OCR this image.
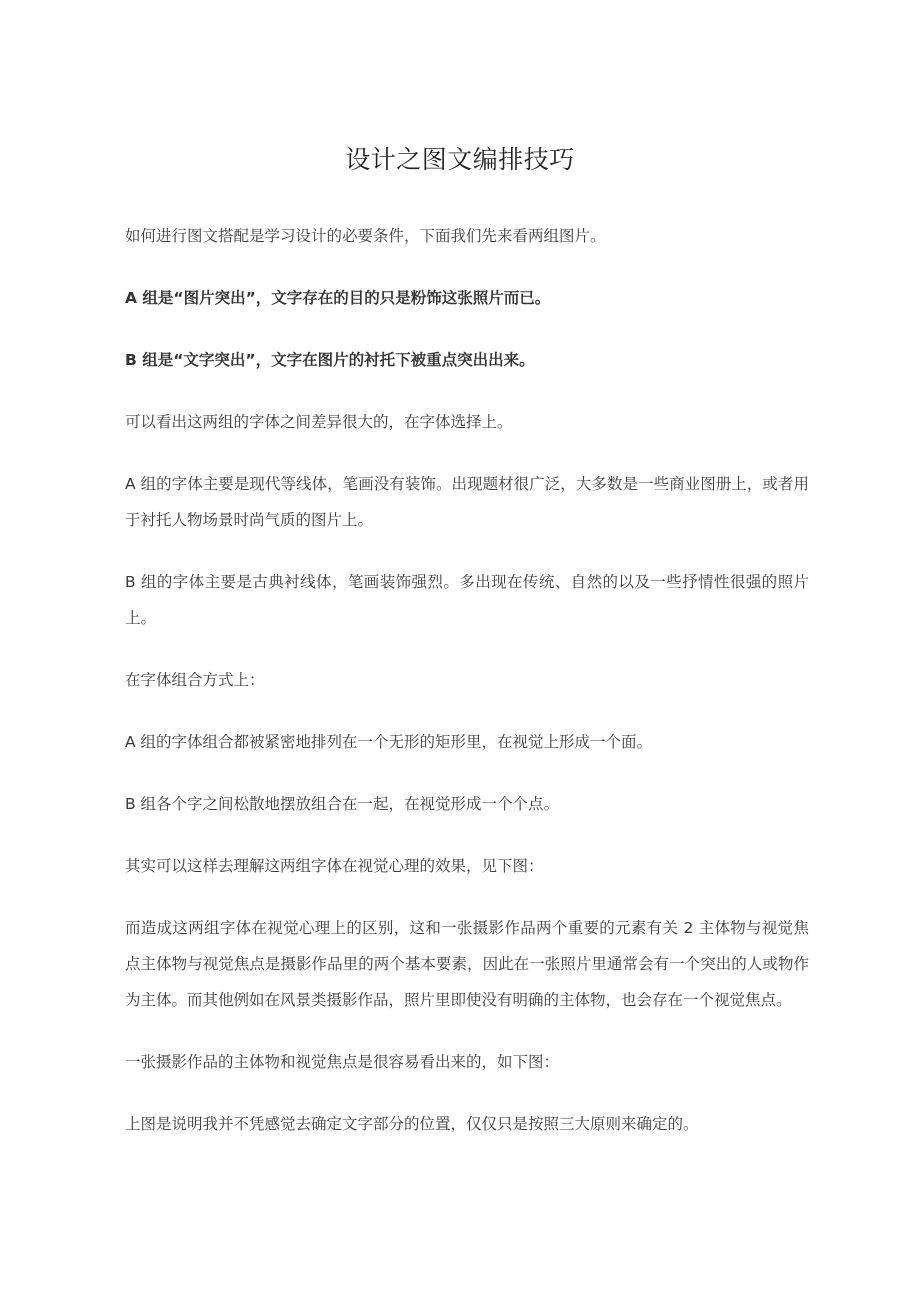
设计之图文编排技巧

如何进行图文搭配是学习设计的必要条件，下面我们先来看两组图片。

A 组是“图片突出”，文字存在的目的只是粉饰这张照片而已。

B 组是“文字突出”，文字在图片的衬托下被重点突出出来。

可以看出这两组的字体之间差异很大的，在字体选择上。

A 组的字体主要是现代等线体，笔画没有装饰。出现题材很广泛，大多数是一些商业图册上，或者用于衬托人物场景时尚气质的图片上。

B 组的字体主要是古典衬线体，笔画装饰强烈。多出现在传统、自然的以及一些抒情性很强的照片上。

在字体组合方式上：

A 组的字体组合都被紧密地排列在一个无形的矩形里，在视觉上形成一个面。

B 组各个字之间松散地摆放组合在一起，在视觉形成一个个点。

其实可以这样去理解这两组字体在视觉心理的效果，见下图：

而造成这两组字体在视觉心理上的区别，这和一张摄影作品两个重要的元素有关 2 主体物与视觉焦点主体物与视觉焦点是摄影作品里的两个基本要素，因此在一张照片里通常会有一个突出的人或物作为主体。而其他例如在风景类摄影作品，照片里即使没有明确的主体物，也会存在一个视觉焦点。

一张摄影作品的主体物和视觉焦点是很容易看出来的，如下图：

上图是说明我并不凭感觉去确定文字部分的位置，仅仅只是按照三大原则来确定的。
